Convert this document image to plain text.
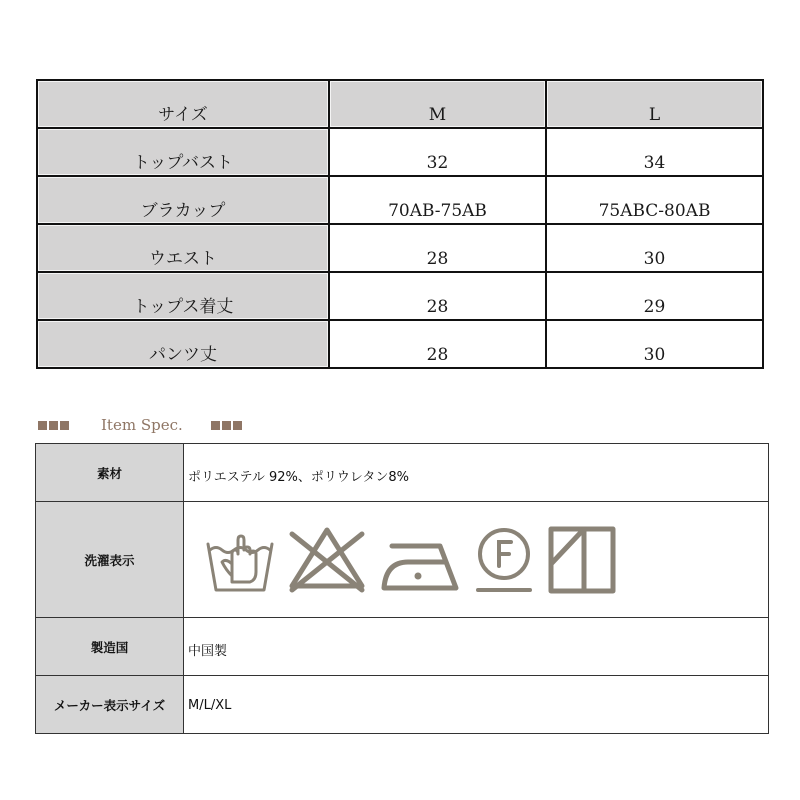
サイズ	M	L
トップバスト	32	34
ブラカップ	70AB-75AB	75ABC-80AB
ウエスト	28	30
トップス着丈	28	29
パンツ丈	28	30
Item Spec.
素材	ポリエステル 92%、ポリウレタン8%
洗濯表示	

製造国	中国製
メーカー表示サイズ	M/L/XL
